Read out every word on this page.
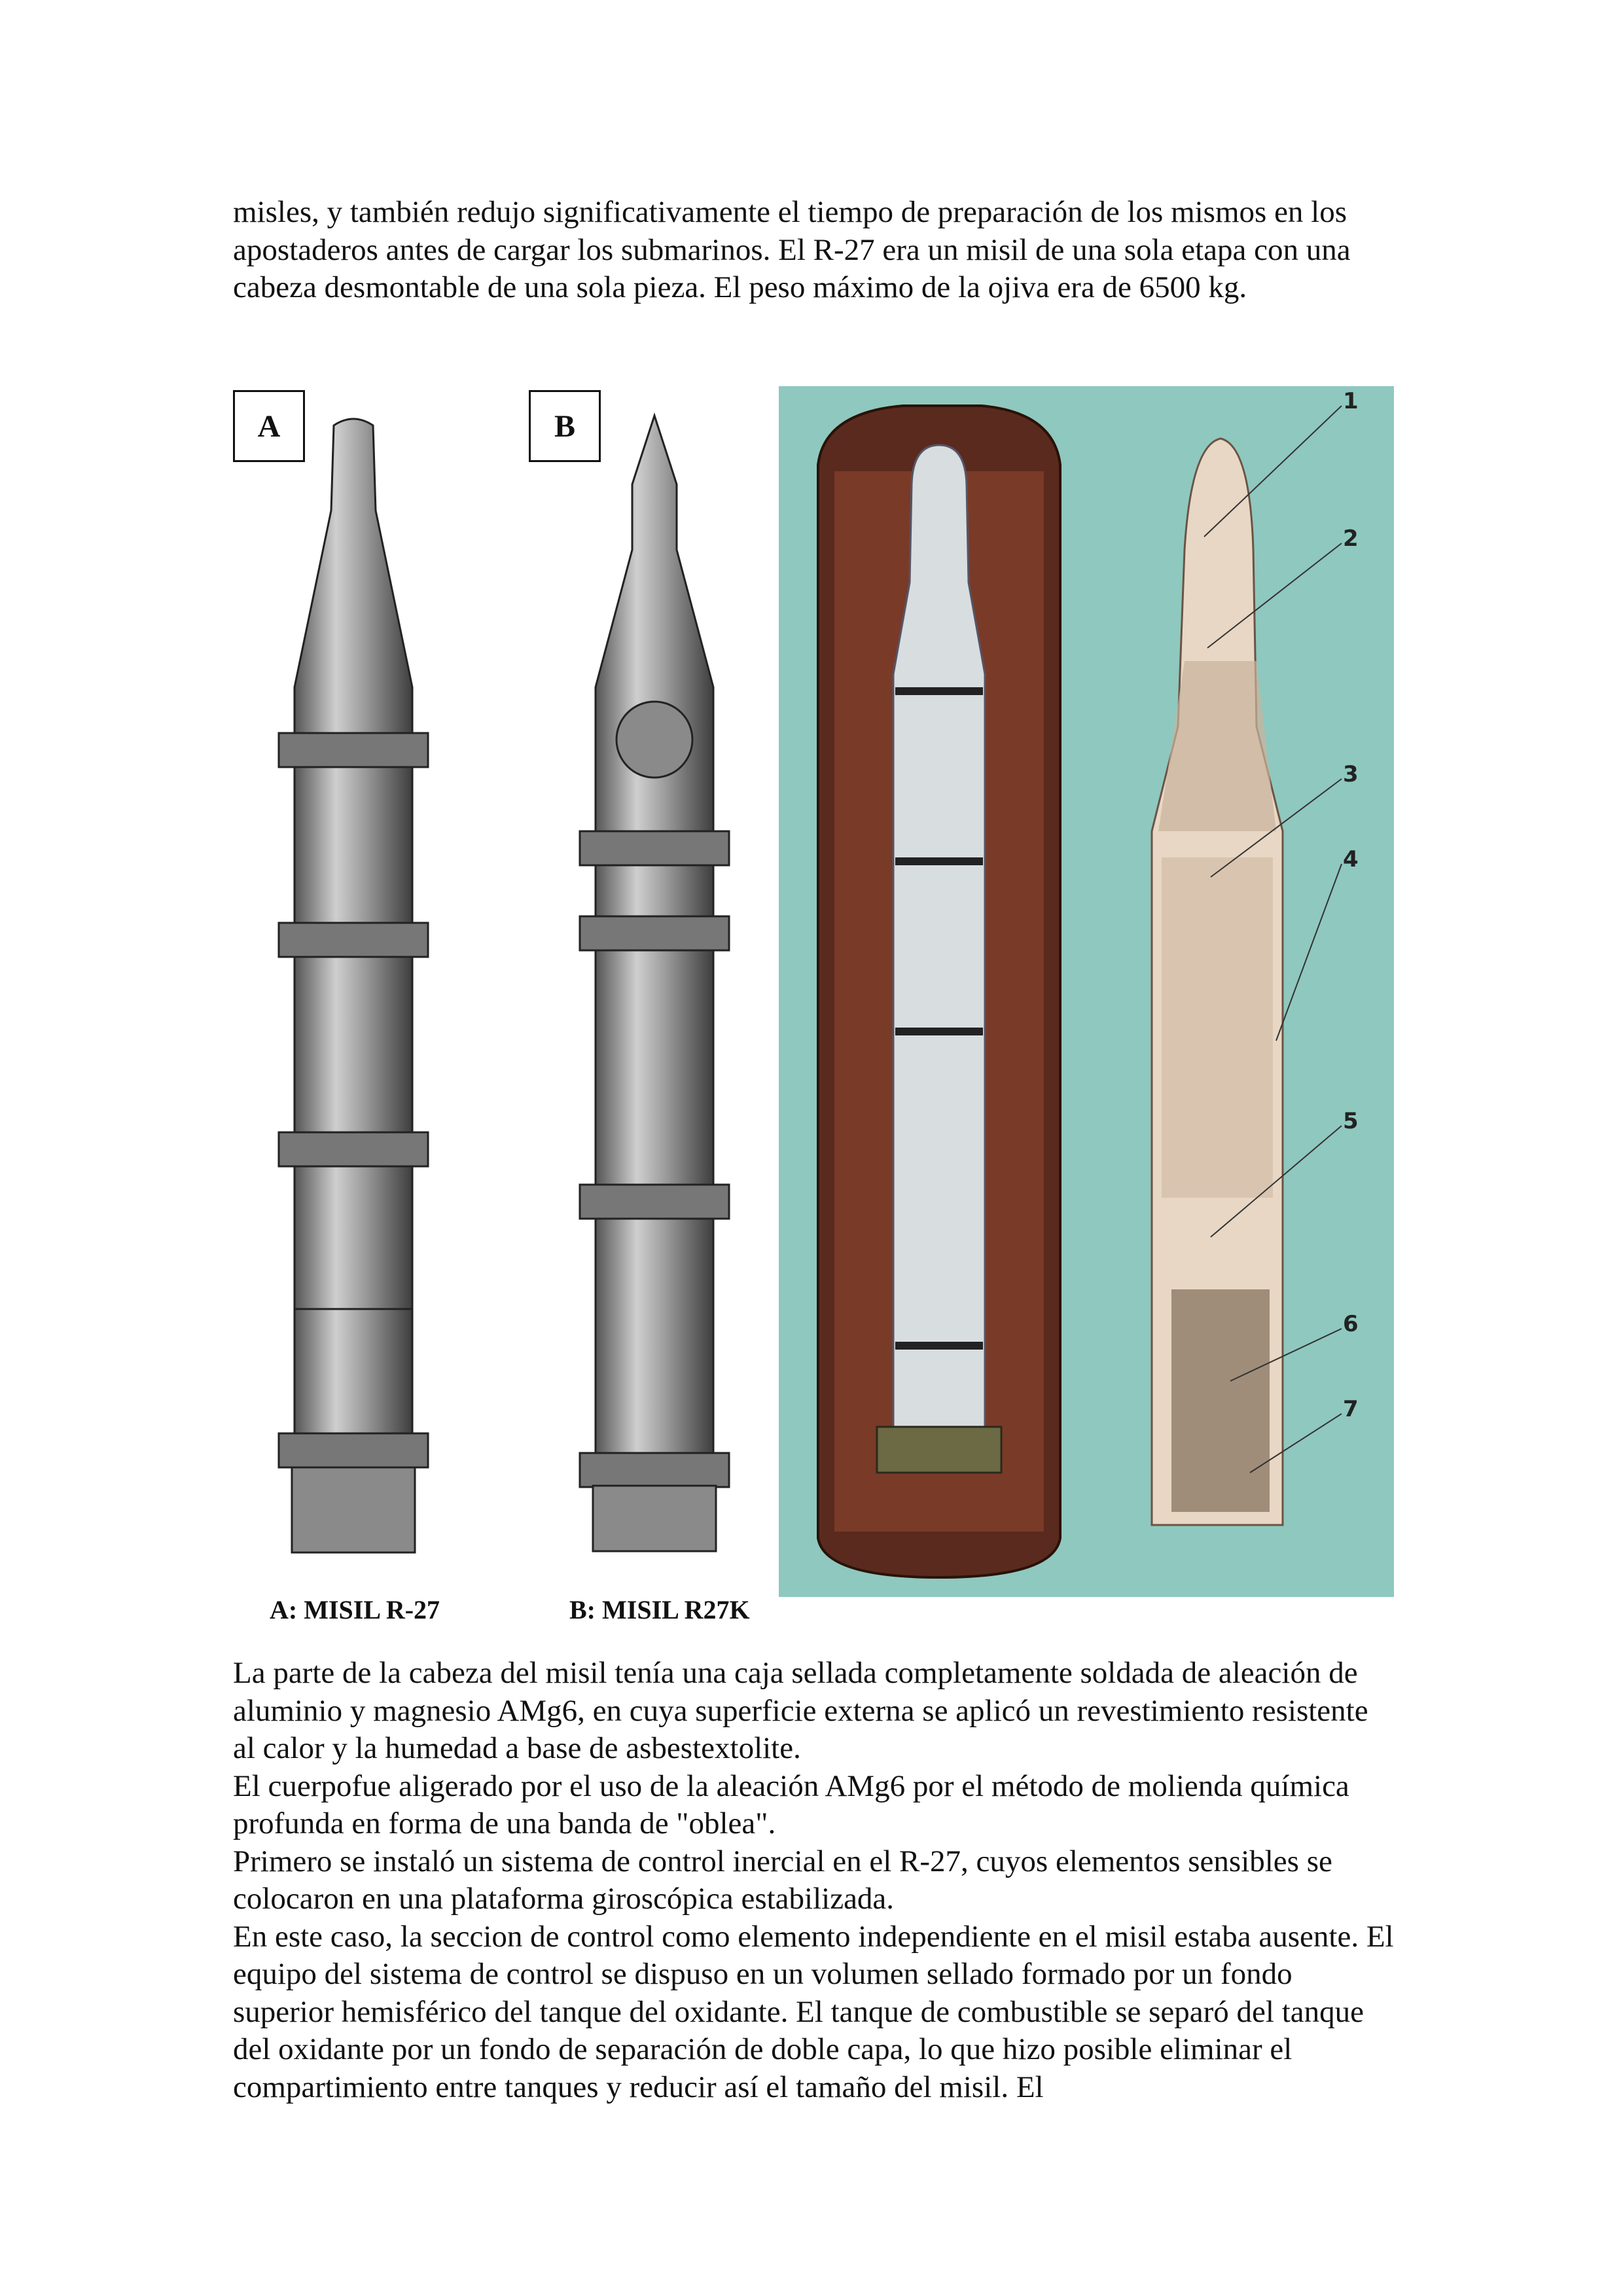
misles, y también redujo significativamente el tiempo de preparación de los mismos en los apostaderos antes de cargar los submarinos. El R-27 era un misil de una sola etapa con una cabeza desmontable de una sola pieza. El peso máximo de la ojiva era de 6500 kg.

A	B
1
2
3
4
5
6
7
A: MISIL R-27	B: MISIL R27K

La parte de la cabeza del misil tenía una caja sellada completamente soldada de aleación de aluminio y magnesio AMg6, en cuya superficie externa se aplicó un revestimiento resistente al calor y la humedad a base de asbestextolite.

El cuerpofue aligerado por el uso de la aleación AMg6 por el método de molienda química profunda en forma de una banda de "oblea".

Primero se instaló un sistema de control inercial en el R-27, cuyos elementos sensibles se colocaron en una plataforma giroscópica estabilizada.

En este caso, la seccion de control como elemento independiente en el misil estaba ausente. El equipo del sistema de control se dispuso en un volumen sellado formado por un fondo superior hemisférico del tanque del oxidante. El tanque de combustible se separó del tanque del oxidante por un fondo de separación de doble capa, lo que hizo posible eliminar el compartimiento entre tanques y reducir así el tamaño del misil. El
